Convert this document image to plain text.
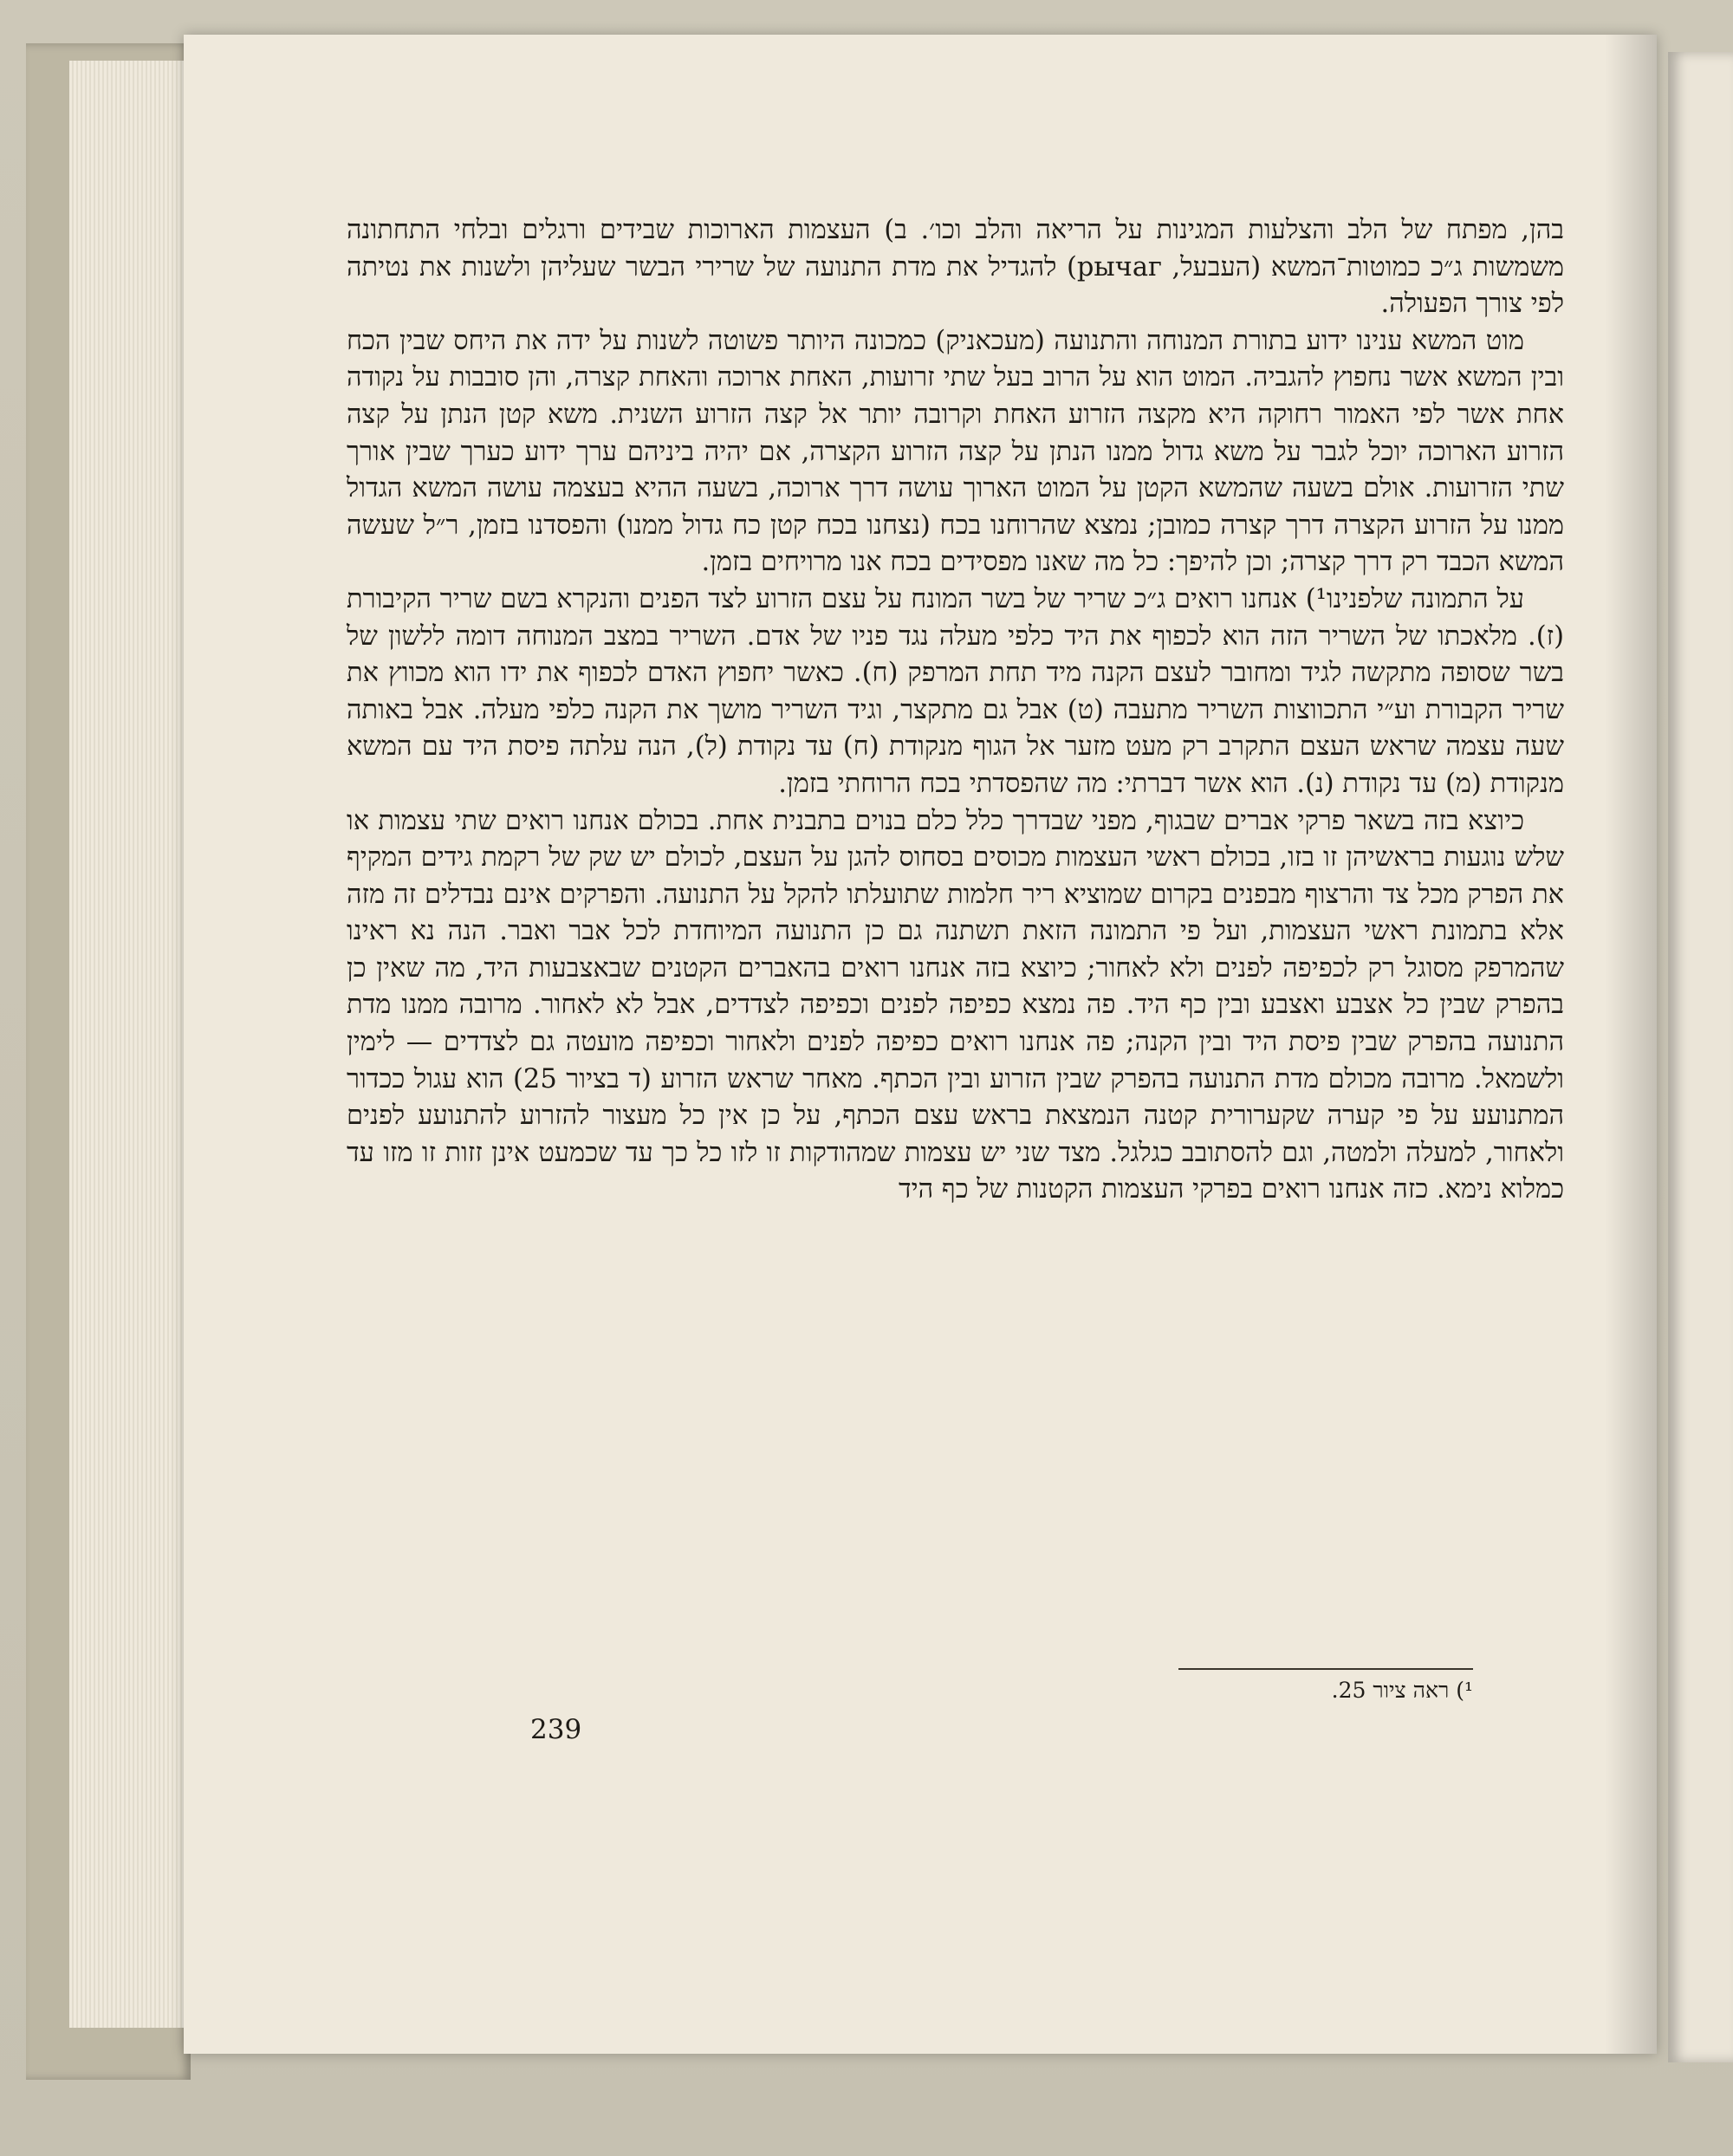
בהן, מפתח של הלב והצלעות המגינות על הריאה והלב וכו׳. ב) העצמות הארוכות שבידים ורגלים ובלחי התחתונה משמשות ג״כ כמוטות־המשא (העבעל, рычаг) להגדיל את מדת התנועה של שרירי הבשר שעליהן ולשנות את נטיתה לפי צורך הפעולה.

מוט המשא ענינו ידוע בתורת המנוחה והתנועה (מעכאניק) כמכונה היותר פשוטה לשנות על ידה את היחס שבין הכח ובין המשא אשר נחפוץ להגביה. המוט הוא על הרוב בעל שתי זרועות, האחת ארוכה והאחת קצרה, והן סובבות על נקודה אחת אשר לפי האמור רחוקה היא מקצה הזרוע האחת וקרובה יותר אל קצה הזרוע השנית. משא קטן הנתן על קצה הזרוע הארוכה יוכל לגבר על משא גדול ממנו הנתן על קצה הזרוע הקצרה, אם יהיה ביניהם ערך ידוע כערך שבין אורך שתי הזרועות. אולם בשעה שהמשא הקטן על המוט הארוך עושה דרך ארוכה, בשעה ההיא בעצמה עושה המשא הגדול ממנו על הזרוע הקצרה דרך קצרה כמובן; נמצא שהרוחנו בכח (נצחנו בכח קטן כח גדול ממנו) והפסדנו בזמן, ר״ל שעשה המשא הכבד רק דרך קצרה; וכן להיפך: כל מה שאנו מפסידים בכח אנו מרויחים בזמן.

על התמונה שלפנינו¹) אנחנו רואים ג״כ שריר של בשר המונח על עצם הזרוע לצד הפנים והנקרא בשם שריר הקיבורת (ז). מלאכתו של השריר הזה הוא לכפוף את היד כלפי מעלה נגד פניו של אדם. השריר במצב המנוחה דומה ללשון של בשר שסופה מתקשה לגיד ומחובר לעצם הקנה מיד תחת המרפק (ח). כאשר יחפוץ האדם לכפוף את ידו הוא מכווץ את שריר הקבורת וע״י התכווצות השריר מתעבה (ט) אבל גם מתקצר, וגיד השריר מושך את הקנה כלפי מעלה. אבל באותה שעה עצמה שראש העצם התקרב רק מעט מזער אל הגוף מנקודת (ח) עד נקודת (ל), הנה עלתה פיסת היד עם המשא מנקודת (מ) עד נקודת (נ). הוא אשר דברתי: מה שהפסדתי בכח הרוחתי בזמן.

כיוצא בזה בשאר פרקי אברים שבגוף, מפני שבדרך כלל כלם בנוים בתבנית אחת. בכולם אנחנו רואים שתי עצמות או שלש נוגעות בראשיהן זו בזו, בכולם ראשי העצמות מכוסים בסחוס להגן על העצם, לכולם יש שק של רקמת גידים המקיף את הפרק מכל צד והרצוף מבפנים בקרום שמוציא ריר חלמות שתועלתו להקל על התנועה. והפרקים אינם נבדלים זה מזה אלא בתמונת ראשי העצמות, ועל פי התמונה הזאת תשתנה גם כן התנועה המיוחדת לכל אבר ואבר. הנה נא ראינו שהמרפק מסוגל רק לכפיפה לפנים ולא לאחור; כיוצא בזה אנחנו רואים בהאברים הקטנים שבאצבעות היד, מה שאין כן בהפרק שבין כל אצבע ואצבע ובין כף היד. פה נמצא כפיפה לפנים וכפיפה לצדדים, אבל לא לאחור. מרובה ממנו מדת התנועה בהפרק שבין פיסת היד ובין הקנה; פה אנחנו רואים כפיפה לפנים ולאחור וכפיפה מועטה גם לצדדים — לימין ולשמאל. מרובה מכולם מדת התנועה בהפרק שבין הזרוע ובין הכתף. מאחר שראש הזרוע (ד בציור 25) הוא עגול ככדור המתנועע על פי קערה שקערורית קטנה הנמצאת בראש עצם הכתף, על כן אין כל מעצור להזרוע להתנועע לפנים ולאחור, למעלה ולמטה, וגם להסתובב כגלגל. מצד שני יש עצמות שמהודקות זו לזו כל כך עד שכמעט אינן זזות זו מזו עד כמלוא נימא. כזה אנחנו רואים בפרקי העצמות הקטנות של כף היד

¹) ראה ציור 25.
239
